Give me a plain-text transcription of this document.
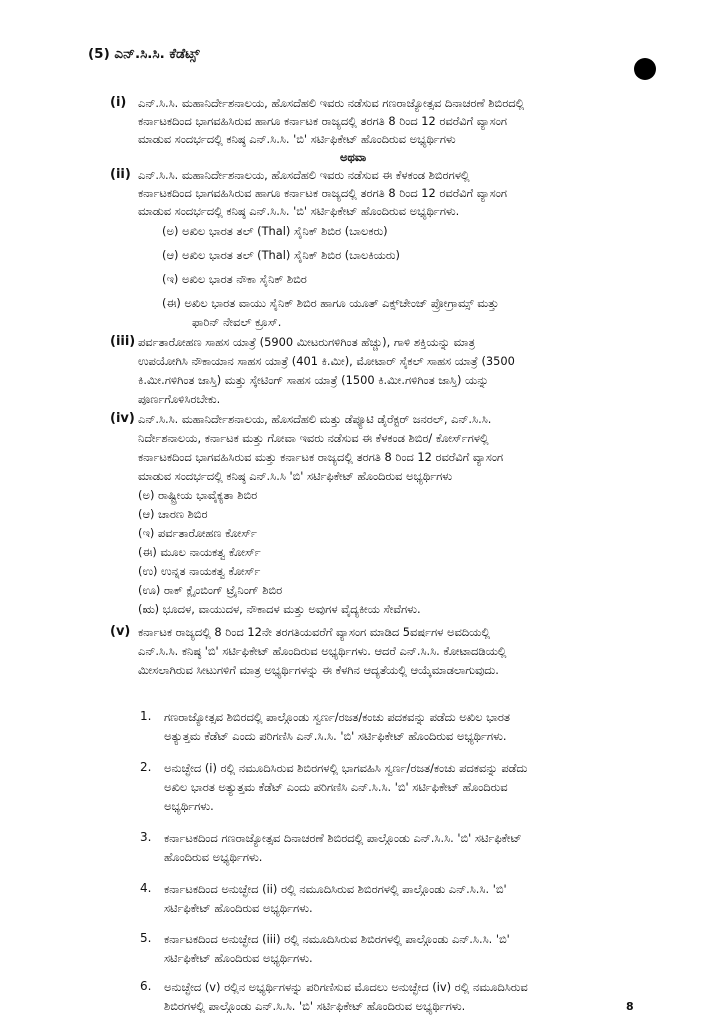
(5) ಎನ್.ಸಿ.ಸಿ. ಕೆಡೆಟ್ಸ್
(i) ಎನ್.ಸಿ.ಸಿ. ಮಹಾನಿರ್ದೇಶನಾಲಯ, ಹೊಸದೆಹಲಿ ಇವರು ನಡೆಸುವ ಗಣರಾಜ್ಯೋತ್ಸವ ದಿನಾಚರಣೆ ಶಿಬಿರದಲ್ಲಿ
ಕರ್ನಾಟಕದಿಂದ ಭಾಗವಹಿಸಿರುವ ಹಾಗೂ ಕರ್ನಾಟಕ ರಾಜ್ಯದಲ್ಲಿ ತರಗತಿ 8 ರಿಂದ 12 ರವರೆವಿಗೆ ವ್ಯಾಸಂಗ
ಮಾಡುವ ಸಂದರ್ಭದಲ್ಲಿ ಕನಿಷ್ಠ ಎನ್.ಸಿ.ಸಿ. 'ಬಿ' ಸರ್ಟಿಫಿಕೇಟ್ ಹೊಂದಿರುವ ಅಭ್ಯರ್ಥಿಗಳು
ಅಥವಾ
(ii) ಎನ್.ಸಿ.ಸಿ. ಮಹಾನಿರ್ದೇಶನಾಲಯ, ಹೊಸದೆಹಲಿ ಇವರು ನಡೆಸುವ ಈ ಕೆಳಕಂಡ ಶಿಬಿರಗಳಲ್ಲಿ
ಕರ್ನಾಟಕದಿಂದ ಭಾಗವಹಿಸಿರುವ ಹಾಗೂ ಕರ್ನಾಟಕ ರಾಜ್ಯದಲ್ಲಿ ತರಗತಿ 8 ರಿಂದ 12 ರವರೆವಿಗೆ ವ್ಯಾಸಂಗ
ಮಾಡುವ ಸಂದರ್ಭದಲ್ಲಿ ಕನಿಷ್ಠ ಎನ್.ಸಿ.ಸಿ. 'ಬಿ' ಸರ್ಟಿಫಿಕೇಟ್ ಹೊಂದಿರುವ ಅಭ್ಯರ್ಥಿಗಳು.
(ಅ) ಅಖಿಲ ಭಾರತ ತಲ್ (Thal) ಸೈನಿಕ್ ಶಿಬಿರ (ಬಾಲಕರು)
(ಆ) ಅಖಿಲ ಭಾರತ ತಲ್ (Thal) ಸೈನಿಕ್ ಶಿಬಿರ (ಬಾಲಕಿಯರು)
(ಇ) ಅಖಿಲ ಭಾರತ ನೌಕಾ ಸೈನಿಕ್ ಶಿಬಿರ
(ಈ) ಅಖಿಲ ಭಾರತ ವಾಯು ಸೈನಿಕ್ ಶಿಬಿರ ಹಾಗೂ ಯೂತ್ ಎಕ್ಸ್‌ಚೇಂಜ್ ಪ್ರೋಗ್ರಾಮ್ಸ್ ಮತ್ತು
ಫಾರಿನ್ ನೇವಲ್ ಕ್ರೂಸ್.
(iii) ಪರ್ವತಾರೋಹಣ ಸಾಹಸ ಯಾತ್ರೆ (5900 ಮೀಟರುಗಳಿಗಿಂತ ಹೆಚ್ಚು), ಗಾಳಿ ಶಕ್ತಿಯನ್ನು ಮಾತ್ರ
ಉಪಯೋಗಿಸಿ ನೌಕಾಯಾನ ಸಾಹಸ ಯಾತ್ರೆ (401 ಕಿ.ಮೀ), ಮೋಟಾರ್ ಸೈಕಲ್ ಸಾಹಸ ಯಾತ್ರೆ (3500
ಕಿ.ಮೀ.ಗಳಿಗಿಂತ ಜಾಸ್ತಿ) ಮತ್ತು ಸ್ಕೇಟಿಂಗ್ ಸಾಹಸ ಯಾತ್ರೆ (1500 ಕಿ.ಮೀ.ಗಳಿಗಿಂತ ಜಾಸ್ತಿ) ಯನ್ನು
ಪೂರ್ಣಗೊಳಿಸಿರಬೇಕು.
(iv) ಎನ್.ಸಿ.ಸಿ. ಮಹಾನಿರ್ದೇಶನಾಲಯ, ಹೊಸದೆಹಲಿ ಮತ್ತು ಡೆಪ್ಯೂಟಿ ಡೈರೆಕ್ಟರ್ ಜನರಲ್, ಎನ್.ಸಿ.ಸಿ.
ನಿರ್ದೇಶನಾಲಯ, ಕರ್ನಾಟಕ ಮತ್ತು ಗೋವಾ ಇವರು ನಡೆಸುವ ಈ ಕೆಳಕಂಡ ಶಿಬಿರ/ ಕೋರ್ಸ್‌ಗಳಲ್ಲಿ
ಕರ್ನಾಟಕದಿಂದ ಭಾಗವಹಿಸಿರುವ ಮತ್ತು ಕರ್ನಾಟಕ ರಾಜ್ಯದಲ್ಲಿ ತರಗತಿ 8 ರಿಂದ 12 ರವರೆವಿಗೆ ವ್ಯಾಸಂಗ
ಮಾಡುವ ಸಂದರ್ಭದಲ್ಲಿ ಕನಿಷ್ಠ ಎನ್.ಸಿ.ಸಿ 'ಬಿ' ಸರ್ಟಿಫಿಕೇಟ್ ಹೊಂದಿರುವ ಅಭ್ಯರ್ಥಿಗಳು
(ಅ) ರಾಷ್ಟ್ರೀಯ ಭಾವೈಕ್ಯತಾ ಶಿಬಿರ
(ಆ) ಚಾರಣ ಶಿಬಿರ
(ಇ) ಪರ್ವತಾರೋಹಣ ಕೋರ್ಸ್
(ಈ) ಮೂಲ ನಾಯಕತ್ವ ಕೋರ್ಸ್
(ಉ) ಉನ್ನತ ನಾಯಕತ್ವ ಕೋರ್ಸ್
(ಊ) ರಾಕ್ ಕ್ಲೈಂಬಿಂಗ್ ಟ್ರೈನಿಂಗ್ ಶಿಬಿರ
(ಋ) ಭೂದಳ, ವಾಯುದಳ, ನೌಕಾದಳ ಮತ್ತು ಅವುಗಳ ವೈದ್ಯಕೀಯ ಸೇವೆಗಳು.
(v) ಕರ್ನಾಟಕ ರಾಜ್ಯದಲ್ಲಿ 8 ರಿಂದ 12ನೇ ತರಗತಿಯವರೆಗೆ ವ್ಯಾಸಂಗ ಮಾಡಿದ 5ವರ್ಷಗಳ ಅವದಿಯಲ್ಲಿ
ಎನ್.ಸಿ.ಸಿ. ಕನಿಷ್ಠ 'ಬಿ' ಸರ್ಟಿಫಿಕೇಟ್ ಹೊಂದಿರುವ ಅಭ್ಯರ್ಥಿಗಳು. ಆದರೆ ಎನ್.ಸಿ.ಸಿ. ಕೋಟಾದಡಿಯಲ್ಲಿ
ಮೀಸಲಾಗಿರುವ ಸೀಟುಗಳಿಗೆ ಮಾತ್ರ ಅಭ್ಯರ್ಥಿಗಳನ್ನು ಈ ಕೆಳಗಿನ ಆದ್ಯತೆಯಲ್ಲಿ ಆಯ್ಕೆಮಾಡಲಾಗುವುದು.
1. ಗಣರಾಜ್ಯೋತ್ಸವ ಶಿಬಿರದಲ್ಲಿ ಪಾಲ್ಗೊಂಡು ಸ್ವರ್ಣ/ರಜತ/ಕಂಚು ಪದಕವನ್ನು ಪಡೆದು ಅಖಿಲ ಭಾರತ
ಅತ್ಯುತ್ತಮ ಕೆಡೆಟ್ ಎಂದು ಪರಿಗಣಿಸಿ ಎನ್.ಸಿ.ಸಿ. 'ಬಿ' ಸರ್ಟಿಫಿಕೇಟ್ ಹೊಂದಿರುವ ಅಭ್ಯರ್ಥಿಗಳು.
2. ಅನುಚ್ಛೇದ (i) ರಲ್ಲಿ ನಮೂದಿಸಿರುವ ಶಿಬಿರಗಳಲ್ಲಿ ಭಾಗವಹಿಸಿ ಸ್ವರ್ಣ/ರಜತ/ಕಂಚು ಪದಕವನ್ನು ಪಡೆದು
ಅಖಿಲ ಭಾರತ ಅತ್ಯುತ್ತಮ ಕೆಡೆಟ್ ಎಂದು ಪರಿಗಣಿಸಿ ಎನ್.ಸಿ.ಸಿ. 'ಬಿ' ಸರ್ಟಿಫಿಕೇಟ್ ಹೊಂದಿರುವ
ಅಭ್ಯರ್ಥಿಗಳು.
3. ಕರ್ನಾಟಕದಿಂದ ಗಣರಾಜ್ಯೋತ್ಸವ ದಿನಾಚರಣೆ ಶಿಬಿರದಲ್ಲಿ ಪಾಲ್ಗೊಂಡು ಎನ್.ಸಿ.ಸಿ. 'ಬಿ' ಸರ್ಟಿಫಿಕೇಟ್
ಹೊಂದಿರುವ ಅಭ್ಯರ್ಥಿಗಳು.
4. ಕರ್ನಾಟಕದಿಂದ ಅನುಚ್ಛೇದ (ii) ರಲ್ಲಿ ನಮೂದಿಸಿರುವ ಶಿಬಿರಗಳಲ್ಲಿ ಪಾಲ್ಗೊಂಡು ಎನ್.ಸಿ.ಸಿ. 'ಬಿ'
ಸರ್ಟಿಫಿಕೇಟ್ ಹೊಂದಿರುವ ಅಭ್ಯರ್ಥಿಗಳು.
5. ಕರ್ನಾಟಕದಿಂದ ಅನುಚ್ಛೇದ (iii) ರಲ್ಲಿ ನಮೂದಿಸಿರುವ ಶಿಬಿರಗಳಲ್ಲಿ ಪಾಲ್ಗೊಂಡು ಎನ್.ಸಿ.ಸಿ. 'ಬಿ'
ಸರ್ಟಿಫಿಕೇಟ್ ಹೊಂದಿರುವ ಅಭ್ಯರ್ಥಿಗಳು.
6. ಅನುಚ್ಛೇದ (v) ರಲ್ಲಿನ ಅಭ್ಯರ್ಥಿಗಳನ್ನು ಪರಿಗಣಿಸುವ ಮೊದಲು ಅನುಚ್ಛೇದ (iv) ರಲ್ಲಿ ನಮೂದಿಸಿರುವ
ಶಿಬಿರಗಳಲ್ಲಿ ಪಾಲ್ಗೊಂಡು ಎನ್.ಸಿ.ಸಿ. 'ಬಿ' ಸರ್ಟಿಫಿಕೇಟ್ ಹೊಂದಿರುವ ಅಭ್ಯರ್ಥಿಗಳು.	8
